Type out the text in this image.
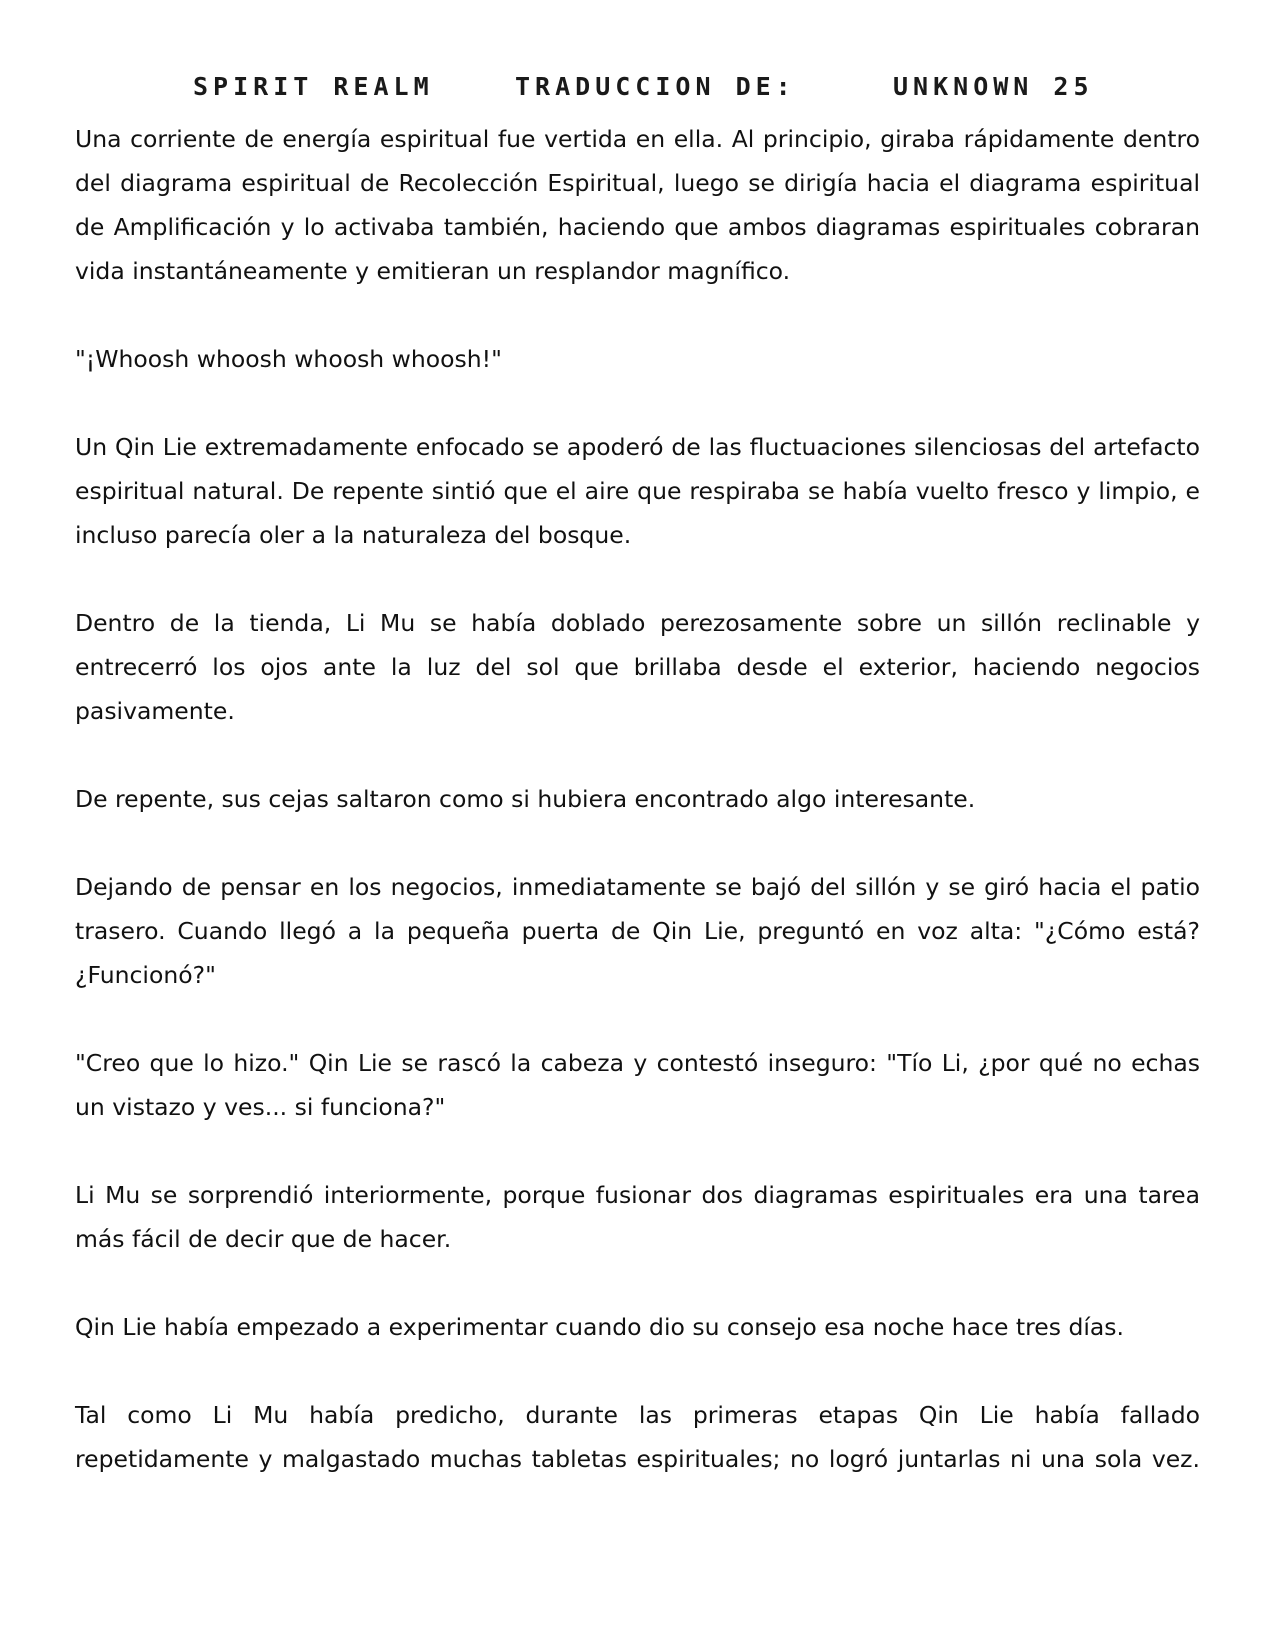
SPIRIT REALM	TRADUCCION DE:	UNKNOWN 25

Una corriente de energía espiritual fue vertida en ella. Al principio, giraba rápidamente dentro del diagrama espiritual de Recolección Espiritual, luego se dirigía hacia el diagrama espiritual de Amplificación y lo activaba también, haciendo que ambos diagramas espirituales cobraran vida instantáneamente y emitieran un resplandor magnífico.

"¡Whoosh whoosh whoosh whoosh!"

Un Qin Lie extremadamente enfocado se apoderó de las fluctuaciones silenciosas del artefacto espiritual natural. De repente sintió que el aire que respiraba se había vuelto fresco y limpio, e incluso parecía oler a la naturaleza del bosque.

Dentro de la tienda, Li Mu se había doblado perezosamente sobre un sillón reclinable y entrecerró los ojos ante la luz del sol que brillaba desde el exterior, haciendo negocios pasivamente.

De repente, sus cejas saltaron como si hubiera encontrado algo interesante.

Dejando de pensar en los negocios, inmediatamente se bajó del sillón y se giró hacia el patio trasero. Cuando llegó a la pequeña puerta de Qin Lie, preguntó en voz alta: "¿Cómo está? ¿Funcionó?"

"Creo que lo hizo." Qin Lie se rascó la cabeza y contestó inseguro: "Tío Li, ¿por qué no echas un vistazo y ves... si funciona?"

Li Mu se sorprendió interiormente, porque fusionar dos diagramas espirituales era una tarea más fácil de decir que de hacer.

Qin Lie había empezado a experimentar cuando dio su consejo esa noche hace tres días.

Tal como Li Mu había predicho, durante las primeras etapas Qin Lie había fallado repetidamente y malgastado muchas tabletas espirituales; no logró juntarlas ni una sola vez.
